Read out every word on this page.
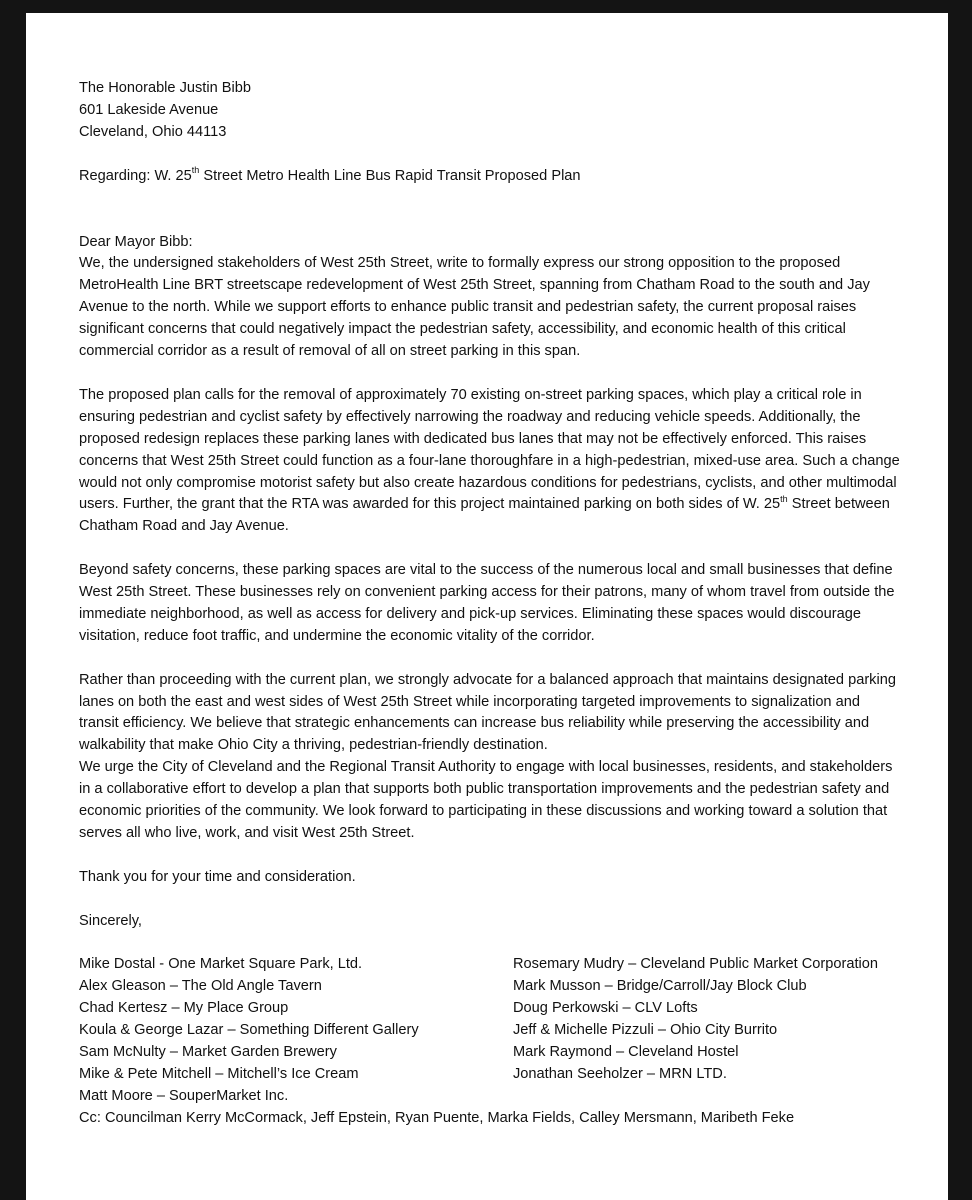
The Honorable Justin Bibb
601 Lakeside Avenue
Cleveland, Ohio 44113

Regarding: W. 25th Street Metro Health Line Bus Rapid Transit Proposed Plan

Dear Mayor Bibb:

We, the undersigned stakeholders of West 25th Street, write to formally express our strong opposition to the proposed MetroHealth Line BRT streetscape redevelopment of West 25th Street, spanning from Chatham Road to the south and Jay Avenue to the north. While we support efforts to enhance public transit and pedestrian safety, the current proposal raises significant concerns that could negatively impact the pedestrian safety, accessibility, and economic health of this critical commercial corridor as a result of removal of all on street parking in this span.

The proposed plan calls for the removal of approximately 70 existing on-street parking spaces, which play a critical role in ensuring pedestrian and cyclist safety by effectively narrowing the roadway and reducing vehicle speeds. Additionally, the proposed redesign replaces these parking lanes with dedicated bus lanes that may not be effectively enforced. This raises concerns that West 25th Street could function as a four-lane thoroughfare in a high-pedestrian, mixed-use area. Such a change would not only compromise motorist safety but also create hazardous conditions for pedestrians, cyclists, and other multimodal users. Further, the grant that the RTA was awarded for this project maintained parking on both sides of W. 25th Street between Chatham Road and Jay Avenue.

Beyond safety concerns, these parking spaces are vital to the success of the numerous local and small businesses that define West 25th Street. These businesses rely on convenient parking access for their patrons, many of whom travel from outside the immediate neighborhood, as well as access for delivery and pick-up services. Eliminating these spaces would discourage visitation, reduce foot traffic, and undermine the economic vitality of the corridor.

Rather than proceeding with the current plan, we strongly advocate for a balanced approach that maintains designated parking lanes on both the east and west sides of West 25th Street while incorporating targeted improvements to signalization and transit efficiency. We believe that strategic enhancements can increase bus reliability while preserving the accessibility and walkability that make Ohio City a thriving, pedestrian-friendly destination.

We urge the City of Cleveland and the Regional Transit Authority to engage with local businesses, residents, and stakeholders in a collaborative effort to develop a plan that supports both public transportation improvements and the pedestrian safety and economic priorities of the community. We look forward to participating in these discussions and working toward a solution that serves all who live, work, and visit West 25th Street.

Thank you for your time and consideration.

Sincerely,

Mike Dostal - One Market Square Park, Ltd.
Alex Gleason – The Old Angle Tavern
Chad Kertesz – My Place Group
Koula & George Lazar – Something Different Gallery
Sam McNulty – Market Garden Brewery
Mike & Pete Mitchell – Mitchell’s Ice Cream
Matt Moore – SouperMarket Inc.
Rosemary Mudry – Cleveland Public Market Corporation
Mark Musson – Bridge/Carroll/Jay Block Club
Doug Perkowski – CLV Lofts
Jeff & Michelle Pizzuli – Ohio City Burrito
Mark Raymond – Cleveland Hostel
Jonathan Seeholzer – MRN LTD.

Cc: Councilman Kerry McCormack, Jeff Epstein, Ryan Puente, Marka Fields, Calley Mersmann, Maribeth Feke
